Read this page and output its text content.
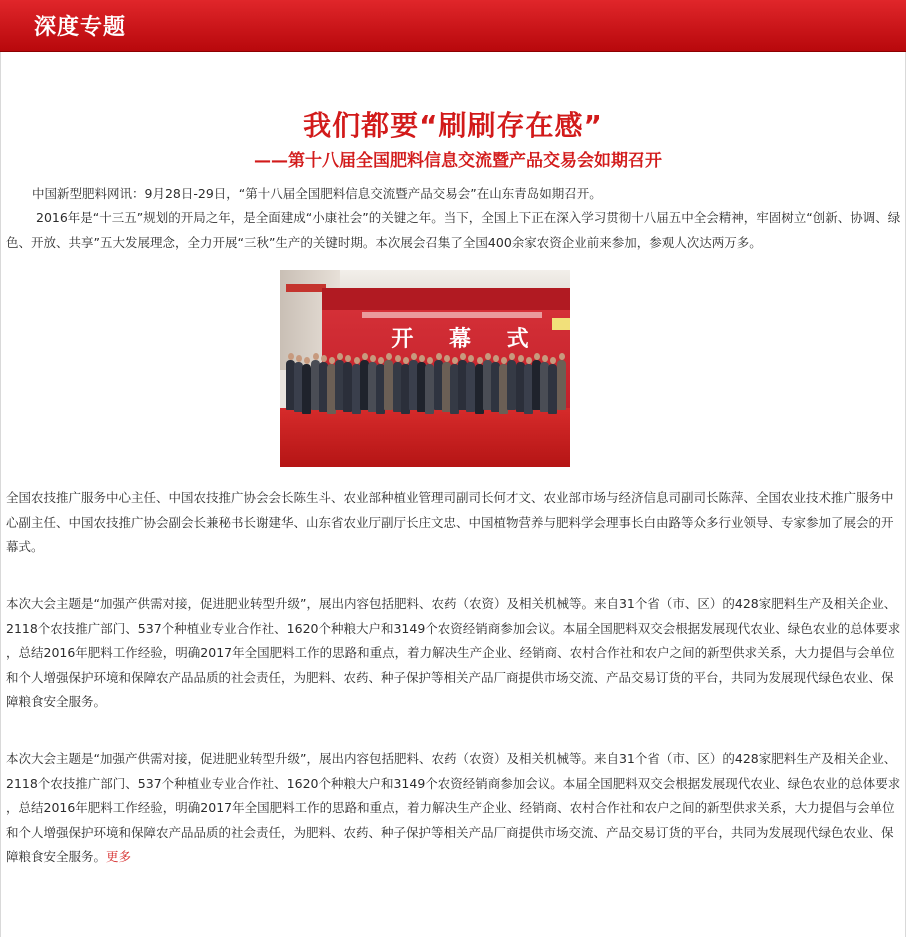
深度专题
我们都要“刷刷存在感”
——第十八届全国肥料信息交流暨产品交易会如期召开

中国新型肥料网讯：9月28日-29日，“第十八届全国肥料信息交流暨产品交易会”在山东青岛如期召开。

2016年是“十三五”规划的开局之年，是全面建成“小康社会”的关键之年。当下，全国上下正在深入学习贯彻十八届五中全会精神，牢固树立“创新、协调、绿色、开放、共享”五大发展理念，全力开展“三秋”生产的关键时期。本次展会召集了全国400余家农资企业前来参加，参观人次达两万多。

开 幕 式

全国农技推广服务中心主任、中国农技推广协会会长陈生斗、农业部种植业管理司副司长何才文、农业部市场与经济信息司副司长陈萍、全国农业技术推广服务中心副主任、中国农技推广协会副会长兼秘书长谢建华、山东省农业厅副厅长庄文忠、中国植物营养与肥料学会理事长白由路等众多行业领导、专家参加了展会的开幕式。

本次大会主题是“加强产供需对接，促进肥业转型升级”，展出内容包括肥料、农药（农资）及相关机械等。来自31个省（市、区）的428家肥料生产及相关企业、2118个农技推广部门、537个种植业专业合作社、1620个种粮大户和3149个农资经销商参加会议。本届全国肥料双交会根据发展现代农业、绿色农业的总体要求 ，总结2016年肥料工作经验，明确2017年全国肥料工作的思路和重点，着力解决生产企业、经销商、农村合作社和农户之间的新型供求关系，大力提倡与会单位和个人增强保护环境和保障农产品品质的社会责任，为肥料、农药、种子保护等相关产品厂商提供市场交流、产品交易订货的平台，共同为发展现代绿色农业、保障粮食安全服务。

本次大会主题是“加强产供需对接，促进肥业转型升级”，展出内容包括肥料、农药（农资）及相关机械等。来自31个省（市、区）的428家肥料生产及相关企业、2118个农技推广部门、537个种植业专业合作社、1620个种粮大户和3149个农资经销商参加会议。本届全国肥料双交会根据发展现代农业、绿色农业的总体要求 ，总结2016年肥料工作经验，明确2017年全国肥料工作的思路和重点，着力解决生产企业、经销商、农村合作社和农户之间的新型供求关系，大力提倡与会单位和个人增强保护环境和保障农产品品质的社会责任，为肥料、农药、种子保护等相关产品厂商提供市场交流、产品交易订货的平台，共同为发展现代绿色农业、保障粮食安全服务。更多
